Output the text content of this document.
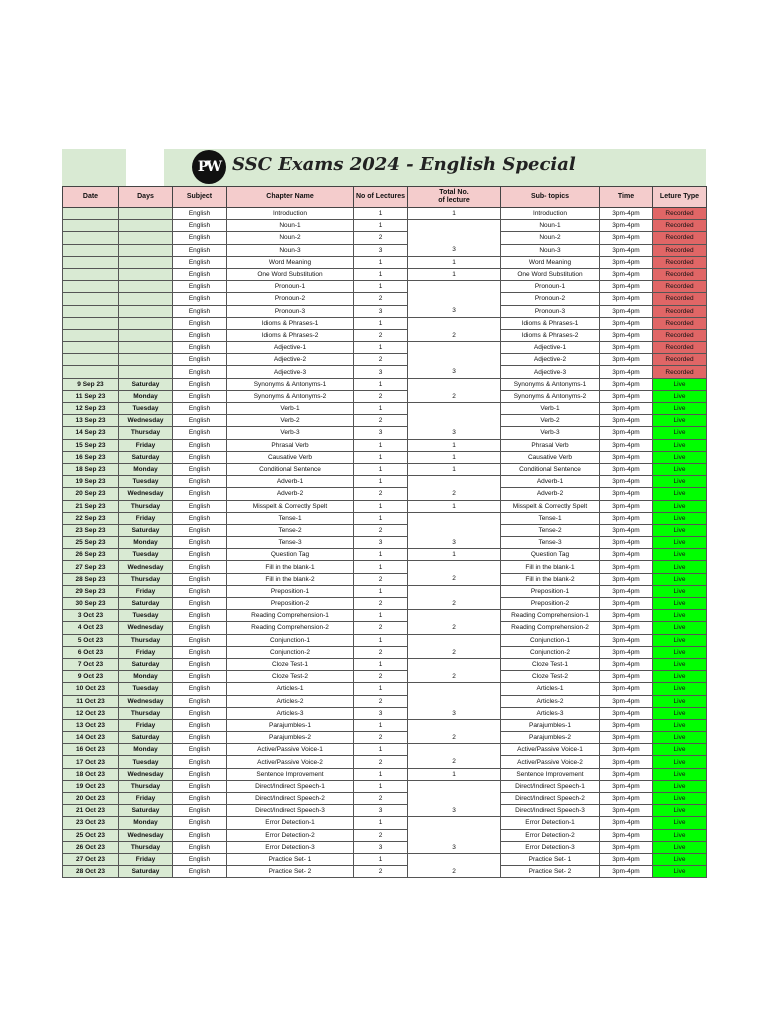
PW SSC Exams 2024 - English Special
Date	Days	Subject	Chapter Name	No of Lectures	Total No. of lecture	Sub- topics	Time	Leture Type
		English	Introduction	1	1	Introduction	3pm-4pm	Recorded
		English	Noun-1	1		Noun-1	3pm-4pm	Recorded
		English	Noun-2	2		Noun-2	3pm-4pm	Recorded
		English	Noun-3	3	3	Noun-3	3pm-4pm	Recorded
		English	Word Meaning	1	1	Word Meaning	3pm-4pm	Recorded
		English	One Word Substitution	1	1	One Word Substitution	3pm-4pm	Recorded
		English	Pronoun-1	1		Pronoun-1	3pm-4pm	Recorded
		English	Pronoun-2	2		Pronoun-2	3pm-4pm	Recorded
		English	Pronoun-3	3	3	Pronoun-3	3pm-4pm	Recorded
		English	Idioms & Phrases-1	1		Idioms & Phrases-1	3pm-4pm	Recorded
		English	Idioms & Phrases-2	2	2	Idioms & Phrases-2	3pm-4pm	Recorded
		English	Adjective-1	1		Adjective-1	3pm-4pm	Recorded
		English	Adjective-2	2		Adjective-2	3pm-4pm	Recorded
		English	Adjective-3	3	3	Adjective-3	3pm-4pm	Recorded
9 Sep 23	Saturday	English	Synonyms & Antonyms-1	1		Synonyms & Antonyms-1	3pm-4pm	Live
11 Sep 23	Monday	English	Synonyms & Antonyms-2	2	2	Synonyms & Antonyms-2	3pm-4pm	Live
12 Sep 23	Tuesday	English	Verb-1	1		Verb-1	3pm-4pm	Live
13 Sep 23	Wednesday	English	Verb-2	2		Verb-2	3pm-4pm	Live
14 Sep 23	Thursday	English	Verb-3	3	3	Verb-3	3pm-4pm	Live
15 Sep 23	Friday	English	Phrasal Verb	1	1	Phrasal Verb	3pm-4pm	Live
16 Sep 23	Saturday	English	Causative Verb	1	1	Causative Verb	3pm-4pm	Live
18 Sep 23	Monday	English	Conditional Sentence	1	1	Conditional Sentence	3pm-4pm	Live
19 Sep 23	Tuesday	English	Adverb-1	1		Adverb-1	3pm-4pm	Live
20 Sep 23	Wednesday	English	Adverb-2	2	2	Adverb-2	3pm-4pm	Live
21 Sep 23	Thursday	English	Misspelt & Correctly Spelt	1	1	Misspelt & Correctly Spelt	3pm-4pm	Live
22 Sep 23	Friday	English	Tense-1	1		Tense-1	3pm-4pm	Live
23 Sep 23	Saturday	English	Tense-2	2		Tense-2	3pm-4pm	Live
25 Sep 23	Monday	English	Tense-3	3	3	Tense-3	3pm-4pm	Live
26 Sep 23	Tuesday	English	Question Tag	1	1	Question Tag	3pm-4pm	Live
27 Sep 23	Wednesday	English	Fill in the blank-1	1		Fill in the blank-1	3pm-4pm	Live
28 Sep 23	Thursday	English	Fill in the blank-2	2	2	Fill in the blank-2	3pm-4pm	Live
29 Sep 23	Friday	English	Preposition-1	1		Preposition-1	3pm-4pm	Live
30 Sep 23	Saturday	English	Preposition-2	2	2	Preposition-2	3pm-4pm	Live
3 Oct 23	Tuesday	English	Reading Comprehension-1	1		Reading Comprehension-1	3pm-4pm	Live
4 Oct 23	Wednesday	English	Reading Comprehension-2	2	2	Reading Comprehension-2	3pm-4pm	Live
5 Oct 23	Thursday	English	Conjunction-1	1		Conjunction-1	3pm-4pm	Live
6 Oct 23	Friday	English	Conjunction-2	2	2	Conjunction-2	3pm-4pm	Live
7 Oct 23	Saturday	English	Cloze Test-1	1		Cloze Test-1	3pm-4pm	Live
9 Oct 23	Monday	English	Cloze Test-2	2	2	Cloze Test-2	3pm-4pm	Live
10 Oct 23	Tuesday	English	Articles-1	1		Articles-1	3pm-4pm	Live
11 Oct 23	Wednesday	English	Articles-2	2		Articles-2	3pm-4pm	Live
12 Oct 23	Thursday	English	Articles-3	3	3	Articles-3	3pm-4pm	Live
13 Oct 23	Friday	English	Parajumbles-1	1		Parajumbles-1	3pm-4pm	Live
14 Oct 23	Saturday	English	Parajumbles-2	2	2	Parajumbles-2	3pm-4pm	Live
16 Oct 23	Monday	English	Active/Passive Voice-1	1		Active/Passive Voice-1	3pm-4pm	Live
17 Oct 23	Tuesday	English	Active/Passive Voice-2	2	2	Active/Passive Voice-2	3pm-4pm	Live
18 Oct 23	Wednesday	English	Sentence Improvement	1	1	Sentence Improvement	3pm-4pm	Live
19 Oct 23	Thursday	English	Direct/Indirect Speech-1	1		Direct/Indirect Speech-1	3pm-4pm	Live
20 Oct 23	Friday	English	Direct/Indirect Speech-2	2		Direct/Indirect Speech-2	3pm-4pm	Live
21 Oct 23	Saturday	English	Direct/Indirect Speech-3	3	3	Direct/Indirect Speech-3	3pm-4pm	Live
23 Oct 23	Monday	English	Error Detection-1	1		Error Detection-1	3pm-4pm	Live
25 Oct 23	Wednesday	English	Error Detection-2	2		Error Detection-2	3pm-4pm	Live
26 Oct 23	Thursday	English	Error Detection-3	3	3	Error Detection-3	3pm-4pm	Live
27 Oct 23	Friday	English	Practice Set- 1	1		Practice Set- 1	3pm-4pm	Live
28 Oct 23	Saturday	English	Practice Set- 2	2	2	Practice Set- 2	3pm-4pm	Live
